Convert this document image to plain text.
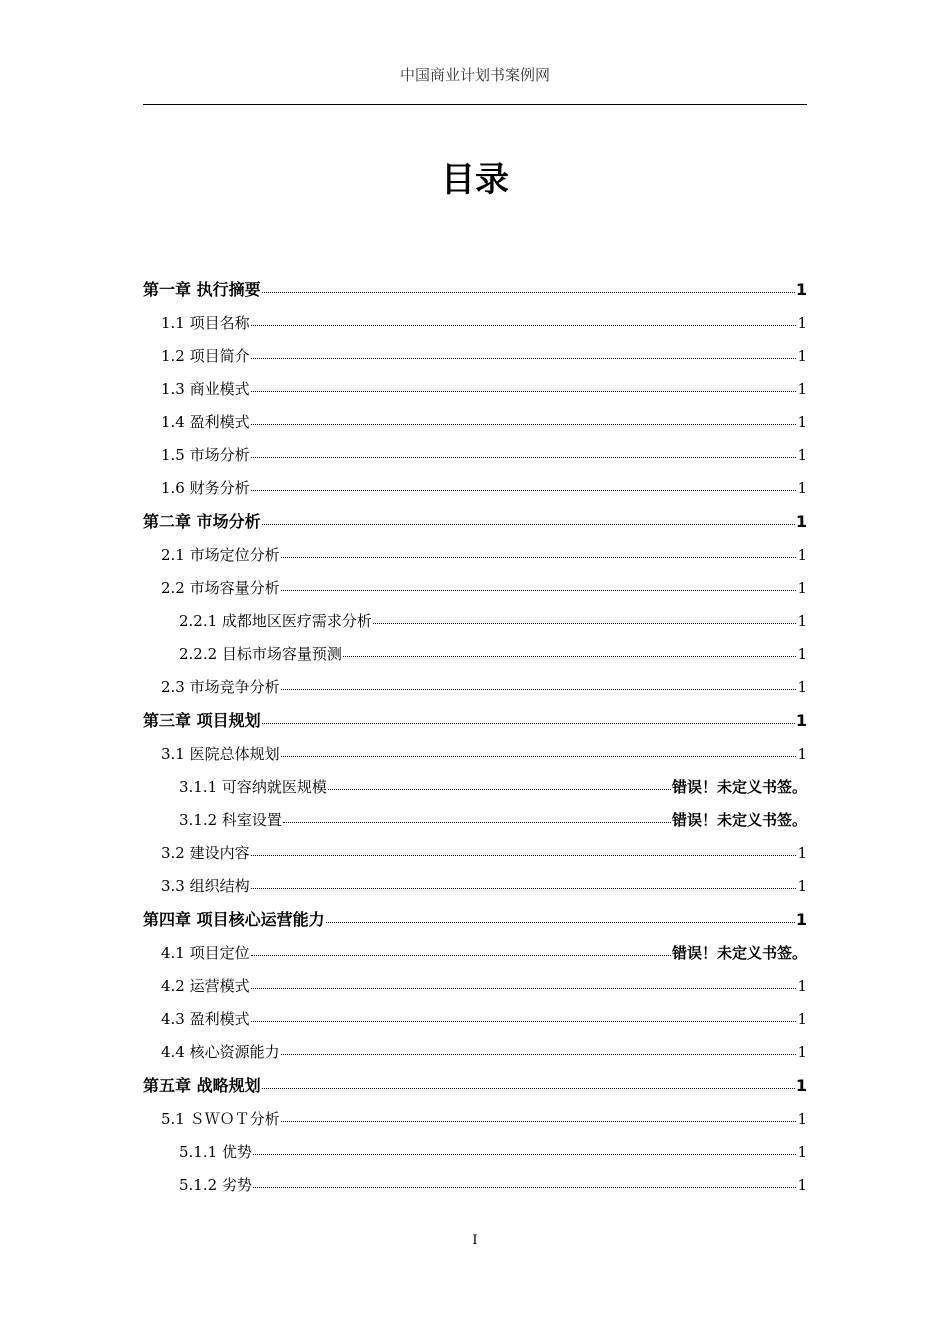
中国商业计划书案例网
目录
第一章 执行摘要	1
1.1 项目名称	1
1.2 项目简介	1
1.3 商业模式	1
1.4 盈利模式	1
1.5 市场分析	1
1.6 财务分析	1
第二章 市场分析	1
2.1 市场定位分析	1
2.2 市场容量分析	1
2.2.1 成都地区医疗需求分析	1
2.2.2 目标市场容量预测	1
2.3 市场竞争分析	1
第三章 项目规划	1
3.1 医院总体规划	1
3.1.1 可容纳就医规模	错误！未定义书签。
3.1.2 科室设置	错误！未定义书签。
3.2 建设内容	1
3.3 组织结构	1
第四章 项目核心运营能力	1
4.1 项目定位	错误！未定义书签。
4.2 运营模式	1
4.3 盈利模式	1
4.4 核心资源能力	1
第五章 战略规划	1
5.1 ＳＷＯＴ分析	1
5.1.1 优势	1
5.1.2 劣势	1
I
